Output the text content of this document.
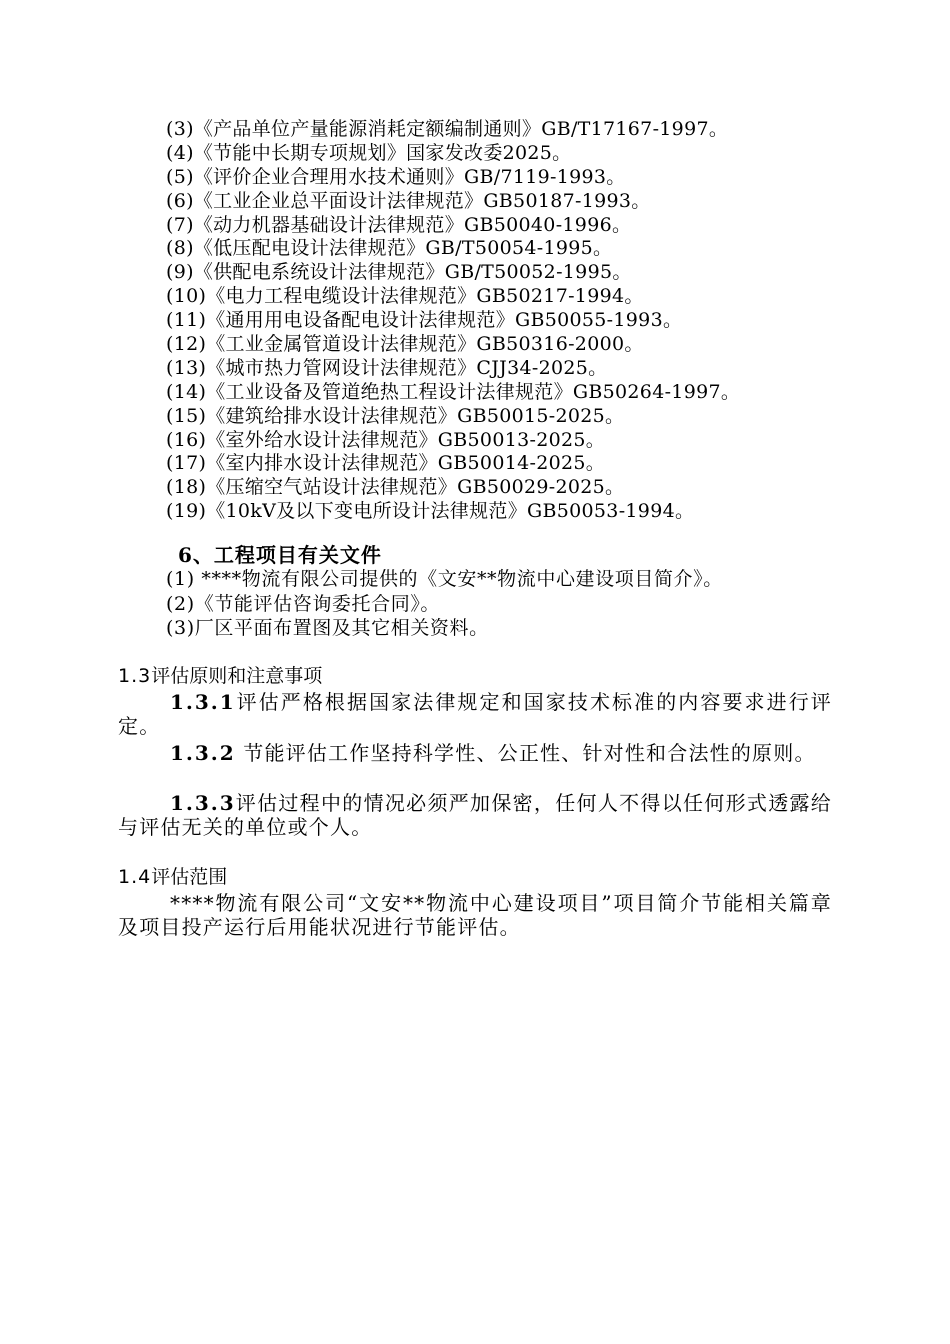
(3)《产品单位产量能源消耗定额编制通则》GB/T17167-1997。
(4)《节能中长期专项规划》国家发改委2025。
(5)《评价企业合理用水技术通则》GB/7119-1993。
(6)《工业企业总平面设计法律规范》GB50187-1993。
(7)《动力机器基础设计法律规范》GB50040-1996。
(8)《低压配电设计法律规范》GB/T50054-1995。
(9)《供配电系统设计法律规范》GB/T50052-1995。
(10)《电力工程电缆设计法律规范》GB50217-1994。
(11)《通用用电设备配电设计法律规范》GB50055-1993。
(12)《工业金属管道设计法律规范》GB50316-2000。
(13)《城市热力管网设计法律规范》CJJ34-2025。
(14)《工业设备及管道绝热工程设计法律规范》GB50264-1997。
(15)《建筑给排水设计法律规范》GB50015-2025。
(16)《室外给水设计法律规范》GB50013-2025。
(17)《室内排水设计法律规范》GB50014-2025。
(18)《压缩空气站设计法律规范》GB50029-2025。
(19)《10kV及以下变电所设计法律规范》GB50053-1994。
6、工程项目有关文件
(1) ****物流有限公司提供的《文安**物流中心建设项目简介》。
(2)《节能评估咨询委托合同》。
(3)厂区平面布置图及其它相关资料。
1.3评估原则和注意事项

1.3.1评估严格根据国家法律规定和国家技术标准的内容要求进行评定。

1.3.2 节能评估工作坚持科学性、公正性、针对性和合法性的原则。

1.3.3评估过程中的情况必须严加保密，任何人不得以任何形式透露给与评估无关的单位或个人。

1.4评估范围

****物流有限公司“文安**物流中心建设项目”项目简介节能相关篇章及项目投产运行后用能状况进行节能评估。
